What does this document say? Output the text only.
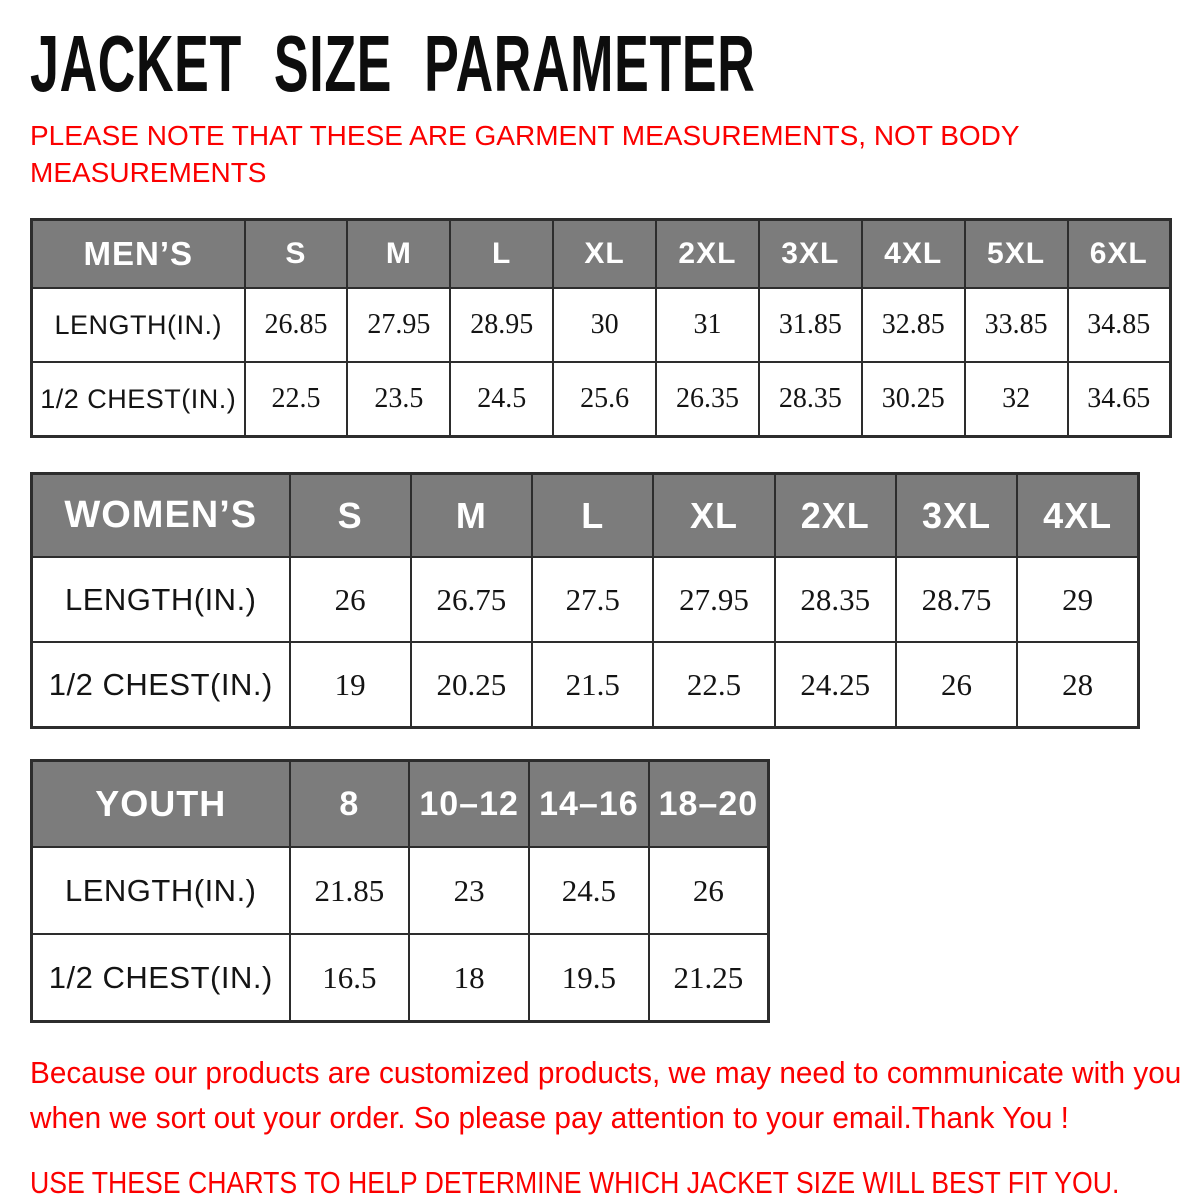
JACKET SIZE PARAMETER

PLEASE NOTE THAT THESE ARE GARMENT MEASUREMENTS, NOT BODY
MEASUREMENTS

MEN’S	S	M	L	XL	2XL	3XL	4XL	5XL	6XL
LENGTH(IN.)	26.85	27.95	28.95	30	31	31.85	32.85	33.85	34.85
1/2 CHEST(IN.)	22.5	23.5	24.5	25.6	26.35	28.35	30.25	32	34.65
WOMEN’S	S	M	L	XL	2XL	3XL	4XL
LENGTH(IN.)	26	26.75	27.5	27.95	28.35	28.75	29
1/2 CHEST(IN.)	19	20.25	21.5	22.5	24.25	26	28
YOUTH	8	10–12	14–16	18–20
LENGTH(IN.)	21.85	23	24.5	26
1/2 CHEST(IN.)	16.5	18	19.5	21.25

Because our products are customized products, we may need to communicate with you
when we sort out your order. So please pay attention to your email.Thank You !

USE THESE CHARTS TO HELP DETERMINE WHICH JACKET SIZE WILL BEST FIT YOU.
